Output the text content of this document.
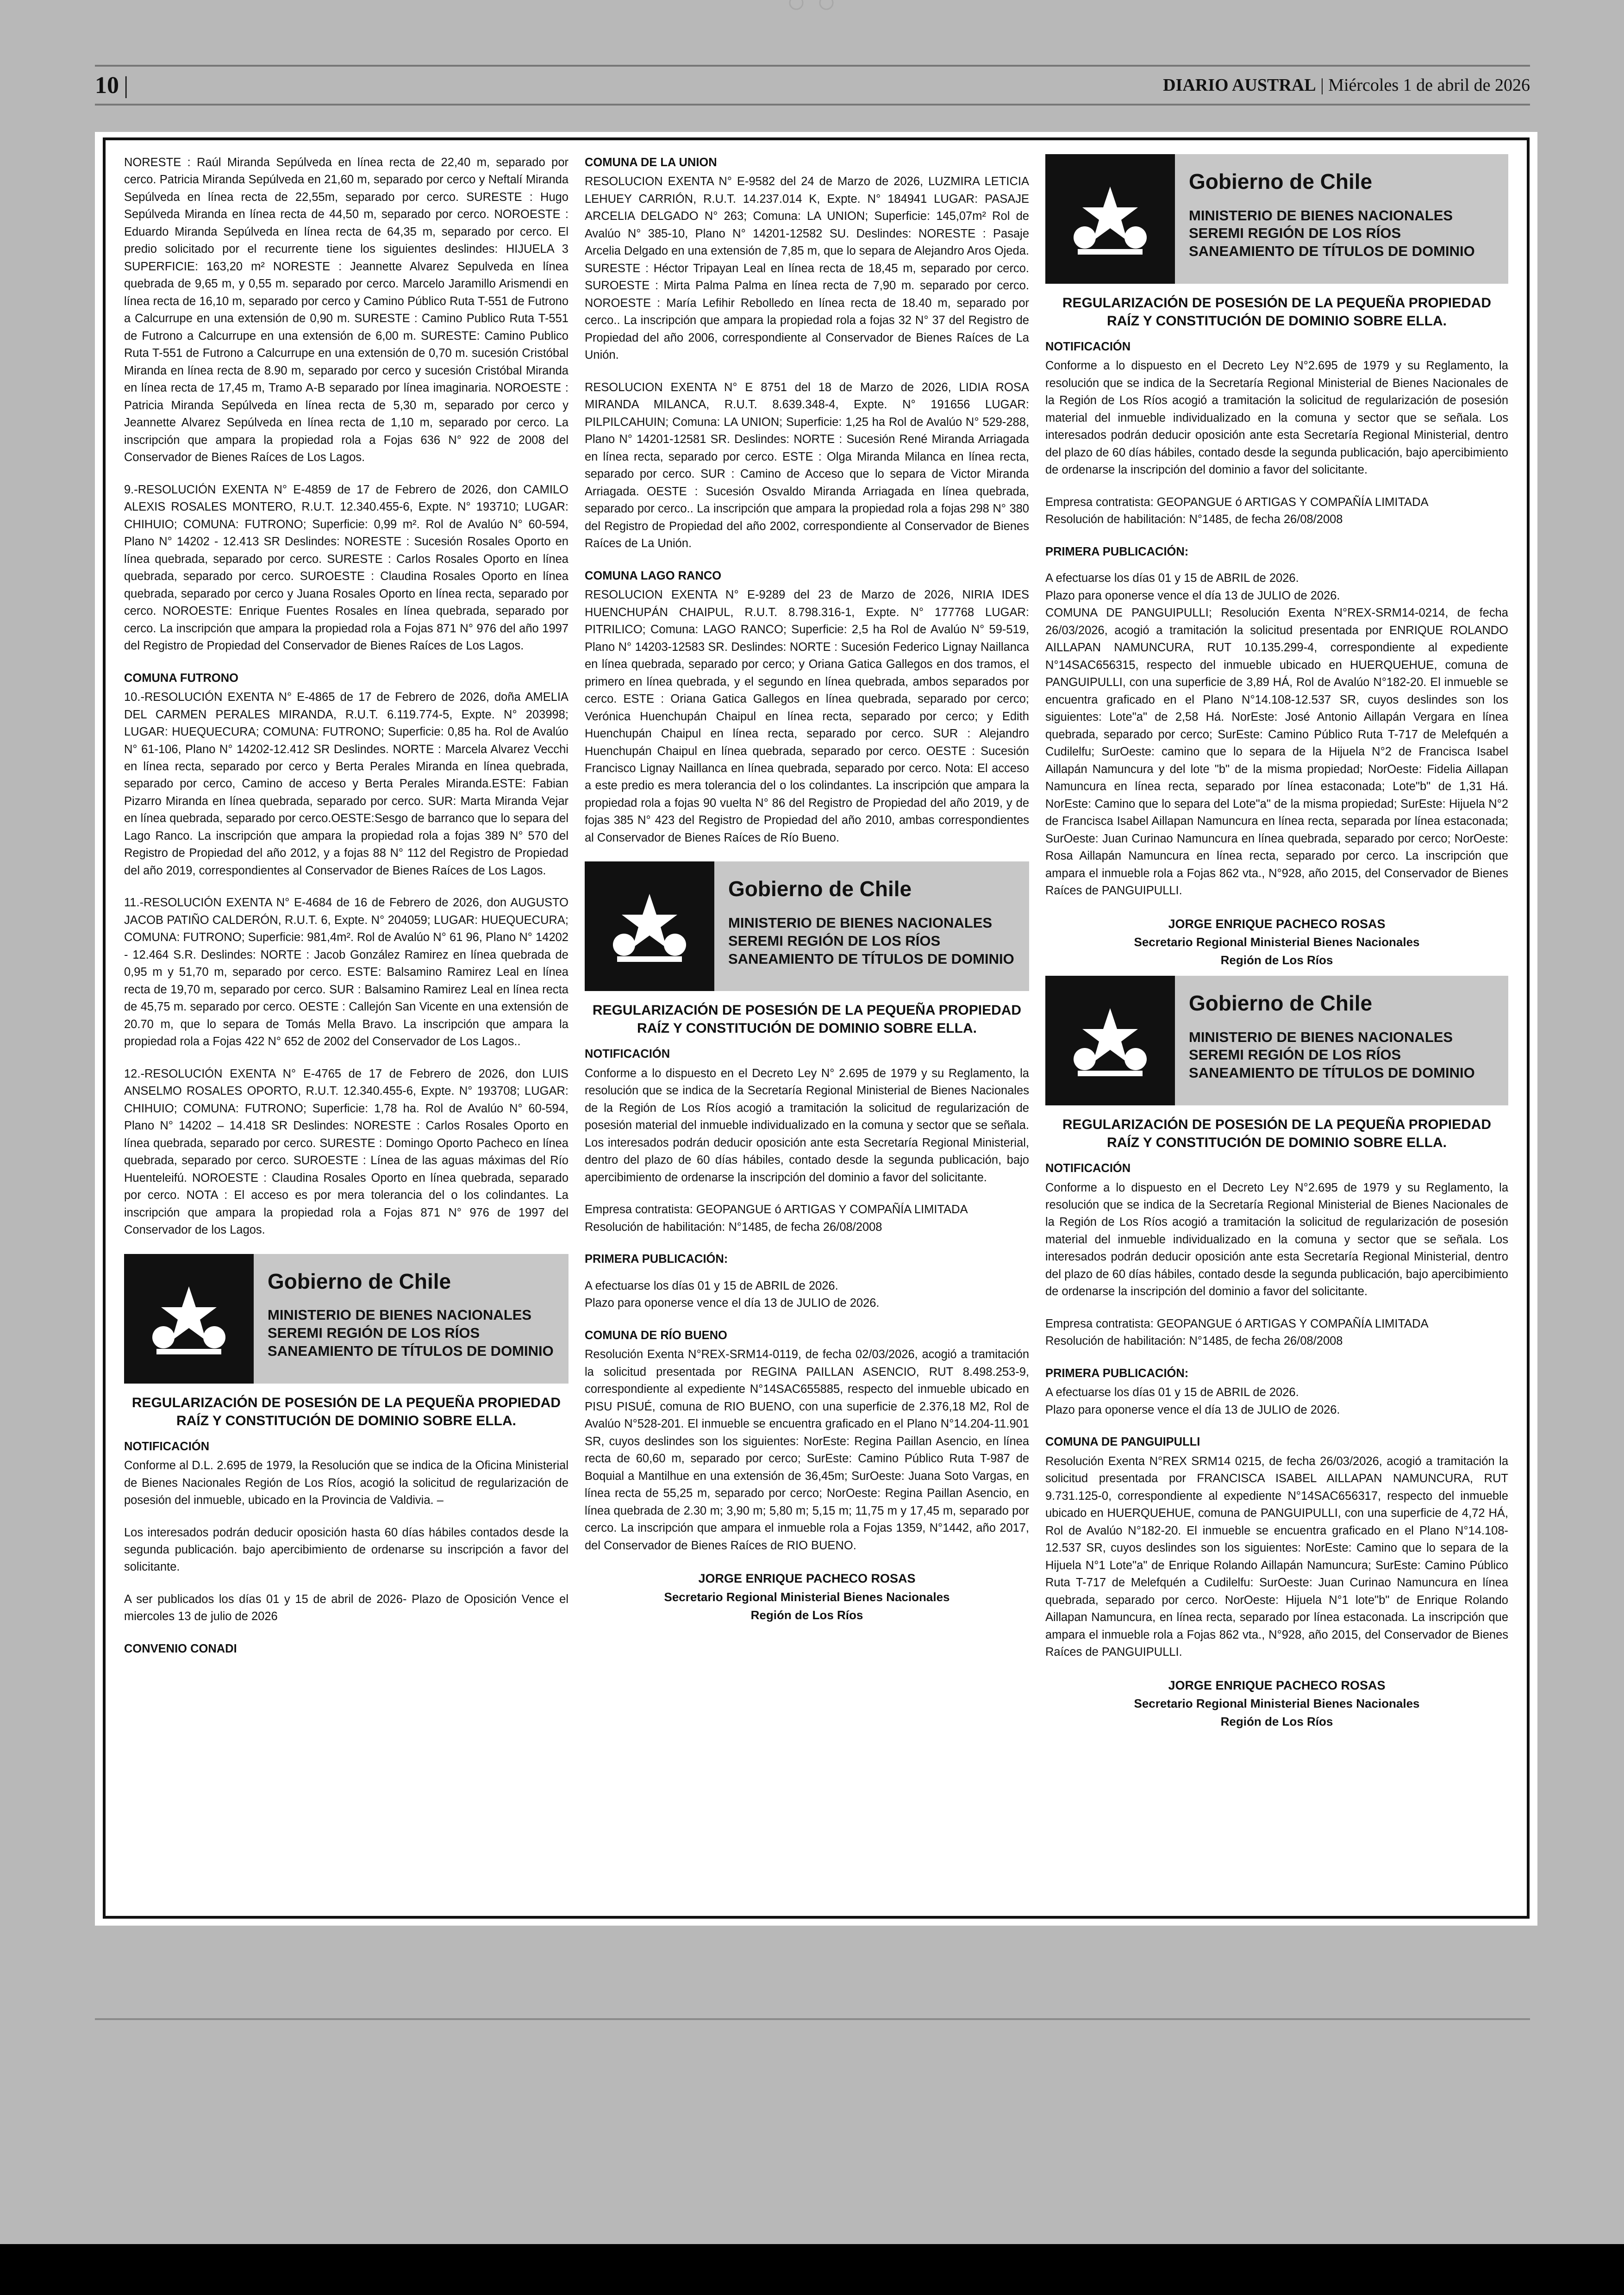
10 |	DIARIO AUSTRAL | Miércoles 1 de abril de 2026

NORESTE : Raúl Miranda Sepúlveda en línea recta de 22,40 m, separado por cerco. Patricia Miranda Sepúlveda en 21,60 m, separado por cerco y Neftalí Miranda Sepúlveda en línea recta de 22,55m, separado por cerco. SURESTE : Hugo Sepúlveda Miranda en línea recta de 44,50 m, separado por cerco. NOROESTE : Eduardo Miranda Sepúlveda en línea recta de 64,35 m, separado por cerco. El predio solicitado por el recurrente tiene los siguientes deslindes: HIJUELA 3 SUPERFICIE: 163,20 m² NORESTE : Jeannette Alvarez Sepulveda en línea quebrada de 9,65 m, y 0,55 m. separado por cerco. Marcelo Jaramillo Arismendi en línea recta de 16,10 m, separado por cerco y Camino Público Ruta T-551 de Futrono a Calcurrupe en una extensión de 0,90 m. SURESTE : Camino Publico Ruta T-551 de Futrono a Calcurrupe en una extensión de 6,00 m. SURESTE: Camino Publico Ruta T-551 de Futrono a Calcurrupe en una extensión de 0,70 m. sucesión Cristóbal Miranda en línea recta de 8.90 m, separado por cerco y sucesión Cristóbal Miranda en línea recta de 17,45 m, Tramo A-B separado por línea imaginaria. NOROESTE : Patricia Miranda Sepúlveda en línea recta de 5,30 m, separado por cerco y Jeannette Alvarez Sepúlveda en línea recta de 1,10 m, separado por cerco. La inscripción que ampara la propiedad rola a Fojas 636 N° 922 de 2008 del Conservador de Bienes Raíces de Los Lagos.

9.-RESOLUCIÓN EXENTA N° E-4859 de 17 de Febrero de 2026, don CAMILO ALEXIS ROSALES MONTERO, R.U.T. 12.340.455-6, Expte. N° 193710; LUGAR: CHIHUIO; COMUNA: FUTRONO; Superficie: 0,99 m². Rol de Avalúo N° 60-594, Plano N° 14202 - 12.413 SR Deslindes: NORESTE : Sucesión Rosales Oporto en línea quebrada, separado por cerco. SURESTE : Carlos Rosales Oporto en línea quebrada, separado por cerco. SUROESTE : Claudina Rosales Oporto en línea quebrada, separado por cerco y Juana Rosales Oporto en línea recta, separado por cerco. NOROESTE: Enrique Fuentes Rosales en línea quebrada, separado por cerco. La inscripción que ampara la propiedad rola a Fojas 871 N° 976 del año 1997 del Registro de Propiedad del Conservador de Bienes Raíces de Los Lagos.

COMUNA FUTRONO

10.-RESOLUCIÓN EXENTA N° E-4865 de 17 de Febrero de 2026, doña AMELIA DEL CARMEN PERALES MIRANDA, R.U.T. 6.119.774-5, Expte. N° 203998; LUGAR: HUEQUECURA; COMUNA: FUTRONO; Superficie: 0,85 ha. Rol de Avalúo N° 61-106, Plano N° 14202-12.412 SR Deslindes. NORTE : Marcela Alvarez Vecchi en línea recta, separado por cerco y Berta Perales Miranda en línea quebrada, separado por cerco, Camino de acceso y Berta Perales Miranda.ESTE: Fabian Pizarro Miranda en línea quebrada, separado por cerco. SUR: Marta Miranda Vejar en línea quebrada, separado por cerco.OESTE:Sesgo de barranco que lo separa del Lago Ranco. La inscripción que ampara la propiedad rola a fojas 389 N° 570 del Registro de Propiedad del año 2012, y a fojas 88 N° 112 del Registro de Propiedad del año 2019, correspondientes al Conservador de Bienes Raíces de Los Lagos.

11.-RESOLUCIÓN EXENTA N° E-4684 de 16 de Febrero de 2026, don AUGUSTO JACOB PATIÑO CALDERÓN, R.U.T. 6, Expte. N° 204059; LUGAR: HUEQUECURA; COMUNA: FUTRONO; Superficie: 981,4m². Rol de Avalúo N° 61 96, Plano N° 14202 - 12.464 S.R. Deslindes: NORTE : Jacob González Ramirez en línea quebrada de 0,95 m y 51,70 m, separado por cerco. ESTE: Balsamino Ramirez Leal en línea recta de 19,70 m, separado por cerco. SUR : Balsamino Ramirez Leal en línea recta de 45,75 m. separado por cerco. OESTE : Callejón San Vicente en una extensión de 20.70 m, que lo separa de Tomás Mella Bravo. La inscripción que ampara la propiedad rola a Fojas 422 N° 652 de 2002 del Conservador de Los Lagos..

12.-RESOLUCIÓN EXENTA N° E-4765 de 17 de Febrero de 2026, don LUIS ANSELMO ROSALES OPORTO, R.U.T. 12.340.455-6, Expte. N° 193708; LUGAR: CHIHUIO; COMUNA: FUTRONO; Superficie: 1,78 ha. Rol de Avalúo N° 60-594, Plano N° 14202 – 14.418 SR Deslindes: NORESTE : Carlos Rosales Oporto en línea quebrada, separado por cerco. SURESTE : Domingo Oporto Pacheco en línea quebrada, separado por cerco. SUROESTE : Línea de las aguas máximas del Río Huenteleifú. NOROESTE : Claudina Rosales Oporto en línea quebrada, separado por cerco. NOTA : El acceso es por mera tolerancia del o los colindantes. La inscripción que ampara la propiedad rola a Fojas 871 N° 976 de 1997 del Conservador de los Lagos.

Gobierno de Chile
MINISTERIO DE BIENES NACIONALES
SEREMI REGIÓN DE LOS RÍOS
SANEAMIENTO DE TÍTULOS DE DOMINIO
REGULARIZACIÓN DE POSESIÓN DE LA PEQUEÑA PROPIEDAD RAÍZ Y CONSTITUCIÓN DE DOMINIO SOBRE ELLA.
NOTIFICACIÓN

Conforme al D.L. 2.695 de 1979, la Resolución que se indica de la Oficina Ministerial de Bienes Nacionales Región de Los Ríos, acogió la solicitud de regularización de posesión del inmueble, ubicado en la Provincia de Valdivia. –

Los interesados podrán deducir oposición hasta 60 días hábiles contados desde la segunda publicación. bajo apercibimiento de ordenarse su inscripción a favor del solicitante.

A ser publicados los días 01 y 15 de abril de 2026- Plazo de Oposición Vence el miercoles 13 de julio de 2026

CONVENIO CONADI
COMUNA DE LA UNION

RESOLUCION EXENTA N° E-9582 del 24 de Marzo de 2026, LUZMIRA LETICIA LEHUEY CARRIÓN, R.U.T. 14.237.014 K, Expte. N° 184941 LUGAR: PASAJE ARCELIA DELGADO N° 263; Comuna: LA UNION; Superficie: 145,07m² Rol de Avalúo N° 385-10, Plano N° 14201-12582 SU. Deslindes: NORESTE : Pasaje Arcelia Delgado en una extensión de 7,85 m, que lo separa de Alejandro Aros Ojeda. SURESTE : Héctor Tripayan Leal en línea recta de 18,45 m, separado por cerco. SUROESTE : Mirta Palma Palma en línea recta de 7,90 m. separado por cerco. NOROESTE : María Lefihir Rebolledo en línea recta de 18.40 m, separado por cerco.. La inscripción que ampara la propiedad rola a fojas 32 N° 37 del Registro de Propiedad del año 2006, correspondiente al Conservador de Bienes Raíces de La Unión.

RESOLUCION EXENTA N° E 8751 del 18 de Marzo de 2026, LIDIA ROSA MIRANDA MILANCA, R.U.T. 8.639.348-4, Expte. N° 191656 LUGAR: PILPILCAHUIN; Comuna: LA UNION; Superficie: 1,25 ha Rol de Avalúo N° 529-288, Plano N° 14201-12581 SR. Deslindes: NORTE : Sucesión René Miranda Arriagada en línea recta, separado por cerco. ESTE : Olga Miranda Milanca en línea recta, separado por cerco. SUR : Camino de Acceso que lo separa de Victor Miranda Arriagada. OESTE : Sucesión Osvaldo Miranda Arriagada en línea quebrada, separado por cerco.. La inscripción que ampara la propiedad rola a fojas 298 N° 380 del Registro de Propiedad del año 2002, correspondiente al Conservador de Bienes Raíces de La Unión.

COMUNA LAGO RANCO

RESOLUCION EXENTA N° E-9289 del 23 de Marzo de 2026, NIRIA IDES HUENCHUPÁN CHAIPUL, R.U.T. 8.798.316-1, Expte. N° 177768 LUGAR: PITRILICO; Comuna: LAGO RANCO; Superficie: 2,5 ha Rol de Avalúo N° 59-519, Plano N° 14203-12583 SR. Deslindes: NORTE : Sucesión Federico Lignay Naillanca en línea quebrada, separado por cerco; y Oriana Gatica Gallegos en dos tramos, el primero en línea quebrada, y el segundo en línea quebrada, ambos separados por cerco. ESTE : Oriana Gatica Gallegos en línea quebrada, separado por cerco; Verónica Huenchupán Chaipul en línea recta, separado por cerco; y Edith Huenchupán Chaipul en línea recta, separado por cerco. SUR : Alejandro Huenchupán Chaipul en línea quebrada, separado por cerco. OESTE : Sucesión Francisco Lignay Naillanca en línea quebrada, separado por cerco. Nota: El acceso a este predio es mera tolerancia del o los colindantes. La inscripción que ampara la propiedad rola a fojas 90 vuelta N° 86 del Registro de Propiedad del año 2019, y de fojas 385 N° 423 del Registro de Propiedad del año 2010, ambas correspondientes al Conservador de Bienes Raíces de Río Bueno.

Gobierno de Chile
MINISTERIO DE BIENES NACIONALES
SEREMI REGIÓN DE LOS RÍOS
SANEAMIENTO DE TÍTULOS DE DOMINIO
REGULARIZACIÓN DE POSESIÓN DE LA PEQUEÑA PROPIEDAD RAÍZ Y CONSTITUCIÓN DE DOMINIO SOBRE ELLA.
NOTIFICACIÓN

Conforme a lo dispuesto en el Decreto Ley N° 2.695 de 1979 y su Reglamento, la resolución que se indica de la Secretaría Regional Ministerial de Bienes Nacionales de la Región de Los Ríos acogió a tramitación la solicitud de regularización de posesión material del inmueble individualizado en la comuna y sector que se señala. Los interesados podrán deducir oposición ante esta Secretaría Regional Ministerial, dentro del plazo de 60 días hábiles, contado desde la segunda publicación, bajo apercibimiento de ordenarse la inscripción del dominio a favor del solicitante.

Empresa contratista: GEOPANGUE ó ARTIGAS Y COMPAÑÍA LIMITADA

Resolución de habilitación: N°1485, de fecha 26/08/2008

PRIMERA PUBLICACIÓN:
A efectuarse los días 01 y 15 de ABRIL de 2026.

Plazo para oponerse vence el día 13 de JULIO de 2026.

COMUNA DE RÍO BUENO

Resolución Exenta N°REX-SRM14-0119, de fecha 02/03/2026, acogió a tramitación la solicitud presentada por REGINA PAILLAN ASENCIO, RUT 8.498.253-9, correspondiente al expediente N°14SAC655885, respecto del inmueble ubicado en PISU PISUÉ, comuna de RIO BUENO, con una superficie de 2.376,18 M2, Rol de Avalúo N°528-201. El inmueble se encuentra graficado en el Plano N°14.204-11.901 SR, cuyos deslindes son los siguientes: NorEste: Regina Paillan Asencio, en línea recta de 60,60 m, separado por cerco; SurEste: Camino Público Ruta T-987 de Boquial a Mantilhue en una extensión de 36,45m; SurOeste: Juana Soto Vargas, en línea recta de 55,25 m, separado por cerco; NorOeste: Regina Paillan Asencio, en línea quebrada de 2.30 m; 3,90 m; 5,80 m; 5,15 m; 11,75 m y 17,45 m, separado por cerco. La inscripción que ampara el inmueble rola a Fojas 1359, N°1442, año 2017, del Conservador de Bienes Raíces de RIO BUENO.

JORGE ENRIQUE PACHECO ROSAS
Secretario Regional Ministerial Bienes Nacionales
Región de Los Ríos
Gobierno de Chile
MINISTERIO DE BIENES NACIONALES
SEREMI REGIÓN DE LOS RÍOS
SANEAMIENTO DE TÍTULOS DE DOMINIO
REGULARIZACIÓN DE POSESIÓN DE LA PEQUEÑA PROPIEDAD RAÍZ Y CONSTITUCIÓN DE DOMINIO SOBRE ELLA.
NOTIFICACIÓN

Conforme a lo dispuesto en el Decreto Ley N°2.695 de 1979 y su Reglamento, la resolución que se indica de la Secretaría Regional Ministerial de Bienes Nacionales de la Región de Los Ríos acogió a tramitación la solicitud de regularización de posesión material del inmueble individualizado en la comuna y sector que se señala. Los interesados podrán deducir oposición ante esta Secretaría Regional Ministerial, dentro del plazo de 60 días hábiles, contado desde la segunda publicación, bajo apercibimiento de ordenarse la inscripción del dominio a favor del solicitante.

Empresa contratista: GEOPANGUE ó ARTIGAS Y COMPAÑÍA LIMITADA

Resolución de habilitación: N°1485, de fecha 26/08/2008

PRIMERA PUBLICACIÓN:
A efectuarse los días 01 y 15 de ABRIL de 2026.
Plazo para oponerse vence el día 13 de JULIO de 2026.

COMUNA DE PANGUIPULLI; Resolución Exenta N°REX-SRM14-0214, de fecha 26/03/2026, acogió a tramitación la solicitud presentada por ENRIQUE ROLANDO AILLAPAN NAMUNCURA, RUT 10.135.299-4, correspondiente al expediente N°14SAC656315, respecto del inmueble ubicado en HUERQUEHUE, comuna de PANGUIPULLI, con una superficie de 3,89 HÁ, Rol de Avalúo N°182-20. El inmueble se encuentra graficado en el Plano N°14.108-12.537 SR, cuyos deslindes son los siguientes: Lote"a" de 2,58 Há. NorEste: José Antonio Aillapán Vergara en línea quebrada, separado por cerco; SurEste: Camino Público Ruta T-717 de Melefquén a Cudilelfu; SurOeste: camino que lo separa de la Hijuela N°2 de Francisca Isabel Aillapán Namuncura y del lote "b" de la misma propiedad; NorOeste: Fidelia Aillapan Namuncura en línea recta, separado por línea estaconada; Lote"b" de 1,31 Há. NorEste: Camino que lo separa del Lote"a" de la misma propiedad; SurEste: Hijuela N°2 de Francisca Isabel Aillapan Namuncura en línea recta, separada por línea estaconada; SurOeste: Juan Curinao Namuncura en línea quebrada, separado por cerco; NorOeste: Rosa Aillapán Namuncura en línea recta, separado por cerco. La inscripción que ampara el inmueble rola a Fojas 862 vta., N°928, año 2015, del Conservador de Bienes Raíces de PANGUIPULLI.

JORGE ENRIQUE PACHECO ROSAS
Secretario Regional Ministerial Bienes Nacionales
Región de Los Ríos
Gobierno de Chile
MINISTERIO DE BIENES NACIONALES
SEREMI REGIÓN DE LOS RÍOS
SANEAMIENTO DE TÍTULOS DE DOMINIO
REGULARIZACIÓN DE POSESIÓN DE LA PEQUEÑA PROPIEDAD RAÍZ Y CONSTITUCIÓN DE DOMINIO SOBRE ELLA.
NOTIFICACIÓN

Conforme a lo dispuesto en el Decreto Ley N°2.695 de 1979 y su Reglamento, la resolución que se indica de la Secretaría Regional Ministerial de Bienes Nacionales de la Región de Los Ríos acogió a tramitación la solicitud de regularización de posesión material del inmueble individualizado en la comuna y sector que se señala. Los interesados podrán deducir oposición ante esta Secretaría Regional Ministerial, dentro del plazo de 60 días hábiles, contado desde la segunda publicación, bajo apercibimiento de ordenarse la inscripción del dominio a favor del solicitante.

Empresa contratista: GEOPANGUE ó ARTIGAS Y COMPAÑÍA LIMITADA

Resolución de habilitación: N°1485, de fecha 26/08/2008

PRIMERA PUBLICACIÓN:
A efectuarse los días 01 y 15 de ABRIL de 2026.

Plazo para oponerse vence el día 13 de JULIO de 2026.

COMUNA DE PANGUIPULLI

Resolución Exenta N°REX SRM14 0215, de fecha 26/03/2026, acogió a tramitación la solicitud presentada por FRANCISCA ISABEL AILLAPAN NAMUNCURA, RUT 9.731.125-0, correspondiente al expediente N°14SAC656317, respecto del inmueble ubicado en HUERQUEHUE, comuna de PANGUIPULLI, con una superficie de 4,72 HÁ, Rol de Avalúo N°182-20. El inmueble se encuentra graficado en el Plano N°14.108-12.537 SR, cuyos deslindes son los siguientes: NorEste: Camino que lo separa de la Hijuela N°1 Lote"a" de Enrique Rolando Aillapán Namuncura; SurEste: Camino Público Ruta T-717 de Melefquén a Cudilelfu: SurOeste: Juan Curinao Namuncura en línea quebrada, separado por cerco. NorOeste: Hijuela N°1 lote"b" de Enrique Rolando Aillapan Namuncura, en línea recta, separado por línea estaconada. La inscripción que ampara el inmueble rola a Fojas 862 vta., N°928, año 2015, del Conservador de Bienes Raíces de PANGUIPULLI.

JORGE ENRIQUE PACHECO ROSAS
Secretario Regional Ministerial Bienes Nacionales
Región de Los Ríos
